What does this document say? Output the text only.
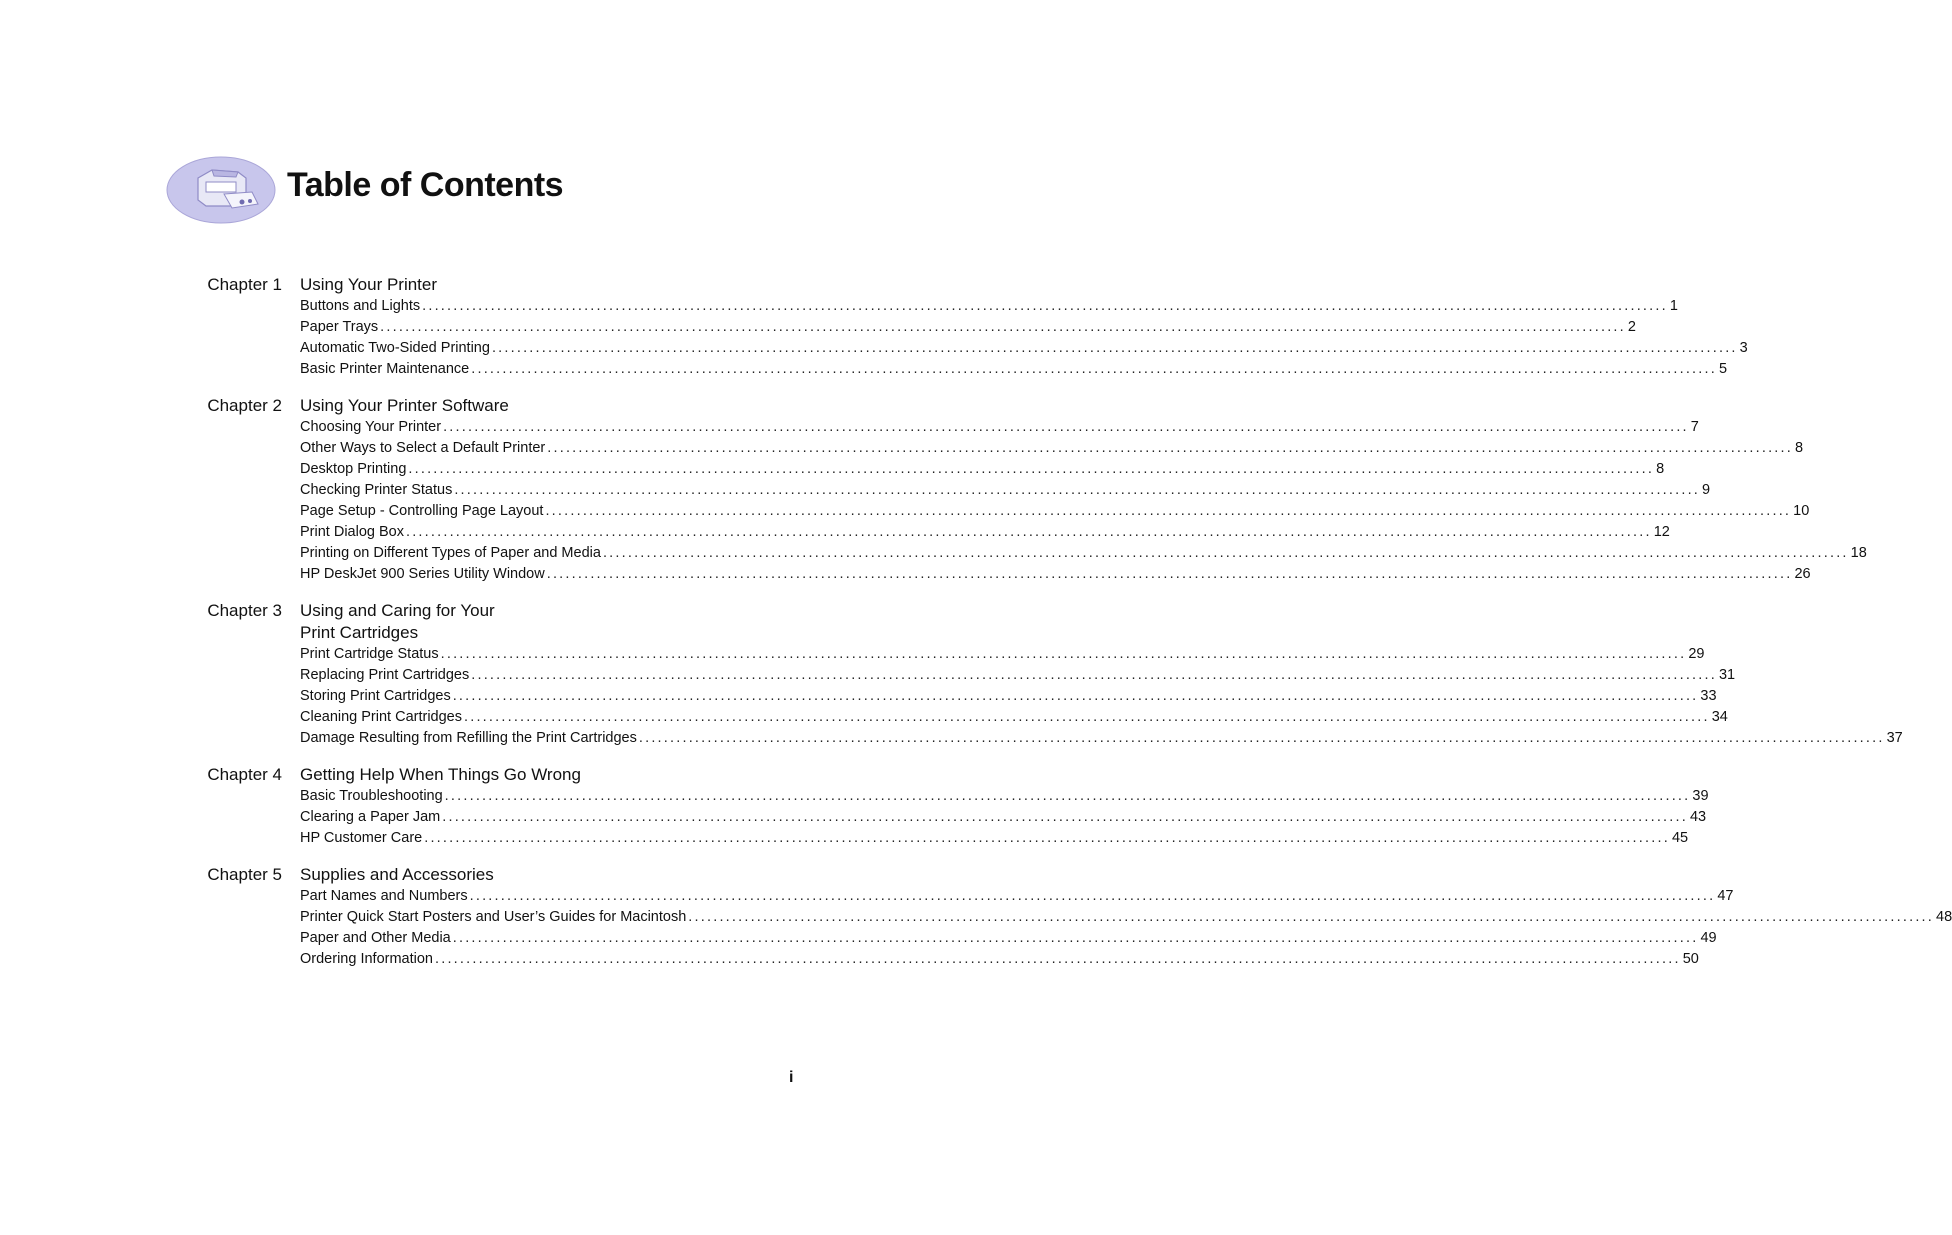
Table of Contents
Chapter 1 Using Your Printer
Buttons and Lights ........................................................................................................................................................................................................ 1
Paper Trays ........................................................................................................................................................................................................ 2
Automatic Two-Sided Printing ........................................................................................................................................................................................................ 3
Basic Printer Maintenance ........................................................................................................................................................................................................ 5
Chapter 2 Using Your Printer Software
Choosing Your Printer ........................................................................................................................................................................................................ 7
Other Ways to Select a Default Printer ........................................................................................................................................................................................................ 8
Desktop Printing ........................................................................................................................................................................................................ 8
Checking Printer Status ........................................................................................................................................................................................................ 9
Page Setup - Controlling Page Layout ........................................................................................................................................................................................................ 10
Print Dialog Box ........................................................................................................................................................................................................ 12
Printing on Different Types of Paper and Media ........................................................................................................................................................................................................ 18
HP DeskJet 900 Series Utility Window ........................................................................................................................................................................................................ 26
Chapter 3 Using and Caring for Your
Print Cartridges
Print Cartridge Status ........................................................................................................................................................................................................ 29
Replacing Print Cartridges ........................................................................................................................................................................................................ 31
Storing Print Cartridges ........................................................................................................................................................................................................ 33
Cleaning Print Cartridges ........................................................................................................................................................................................................ 34
Damage Resulting from Refilling the Print Cartridges ........................................................................................................................................................................................................ 37
Chapter 4 Getting Help When Things Go Wrong
Basic Troubleshooting ........................................................................................................................................................................................................ 39
Clearing a Paper Jam ........................................................................................................................................................................................................ 43
HP Customer Care ........................................................................................................................................................................................................ 45
Chapter 5 Supplies and Accessories
Part Names and Numbers ........................................................................................................................................................................................................ 47
Printer Quick Start Posters and User’s Guides for Macintosh ........................................................................................................................................................................................................ 48
Paper and Other Media ........................................................................................................................................................................................................ 49
Ordering Information ........................................................................................................................................................................................................ 50
i
